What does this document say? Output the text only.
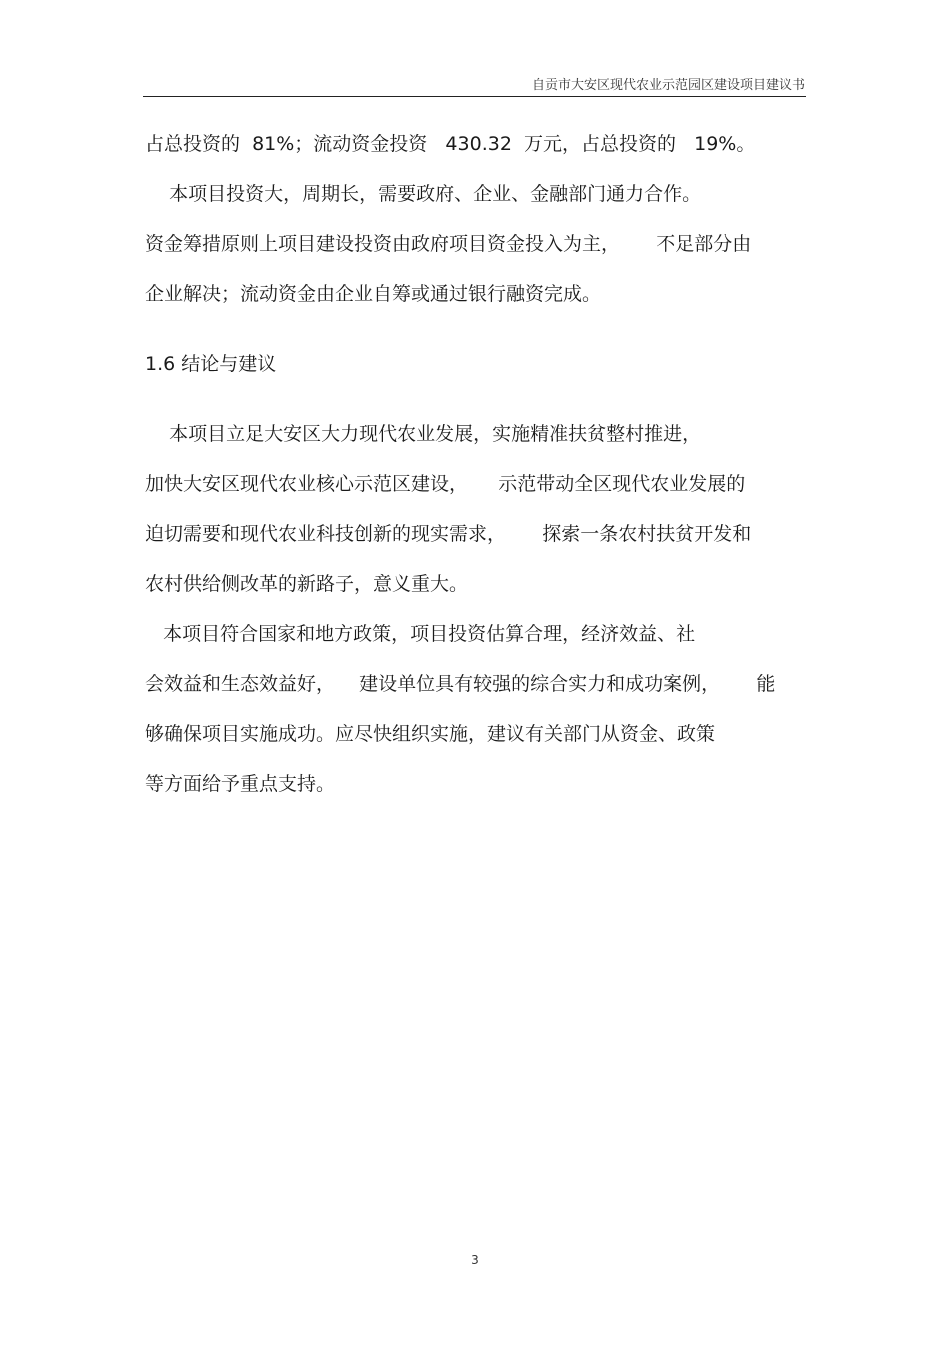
自贡市大安区现代农业示范园区建设项目建议书
占总投资的  81%；流动资金投资   430.32  万元，占总投资的   19%。
本项目投资大，周期长，需要政府、企业、金融部门通力合作。
资金筹措原则上项目建设投资由政府项目资金投入为主，      不足部分由
企业解决；流动资金由企业自筹或通过银行融资完成。
1.6 结论与建议
本项目立足大安区大力现代农业发展，实施精准扶贫整村推进，
加快大安区现代农业核心示范区建设，     示范带动全区现代农业发展的
迫切需要和现代农业科技创新的现实需求，      探索一条农村扶贫开发和
农村供给侧改革的新路子，意义重大。
本项目符合国家和地方政策，项目投资估算合理，经济效益、社
会效益和生态效益好，    建设单位具有较强的综合实力和成功案例，      能
够确保项目实施成功。应尽快组织实施，建议有关部门从资金、政策
等方面给予重点支持。
3
